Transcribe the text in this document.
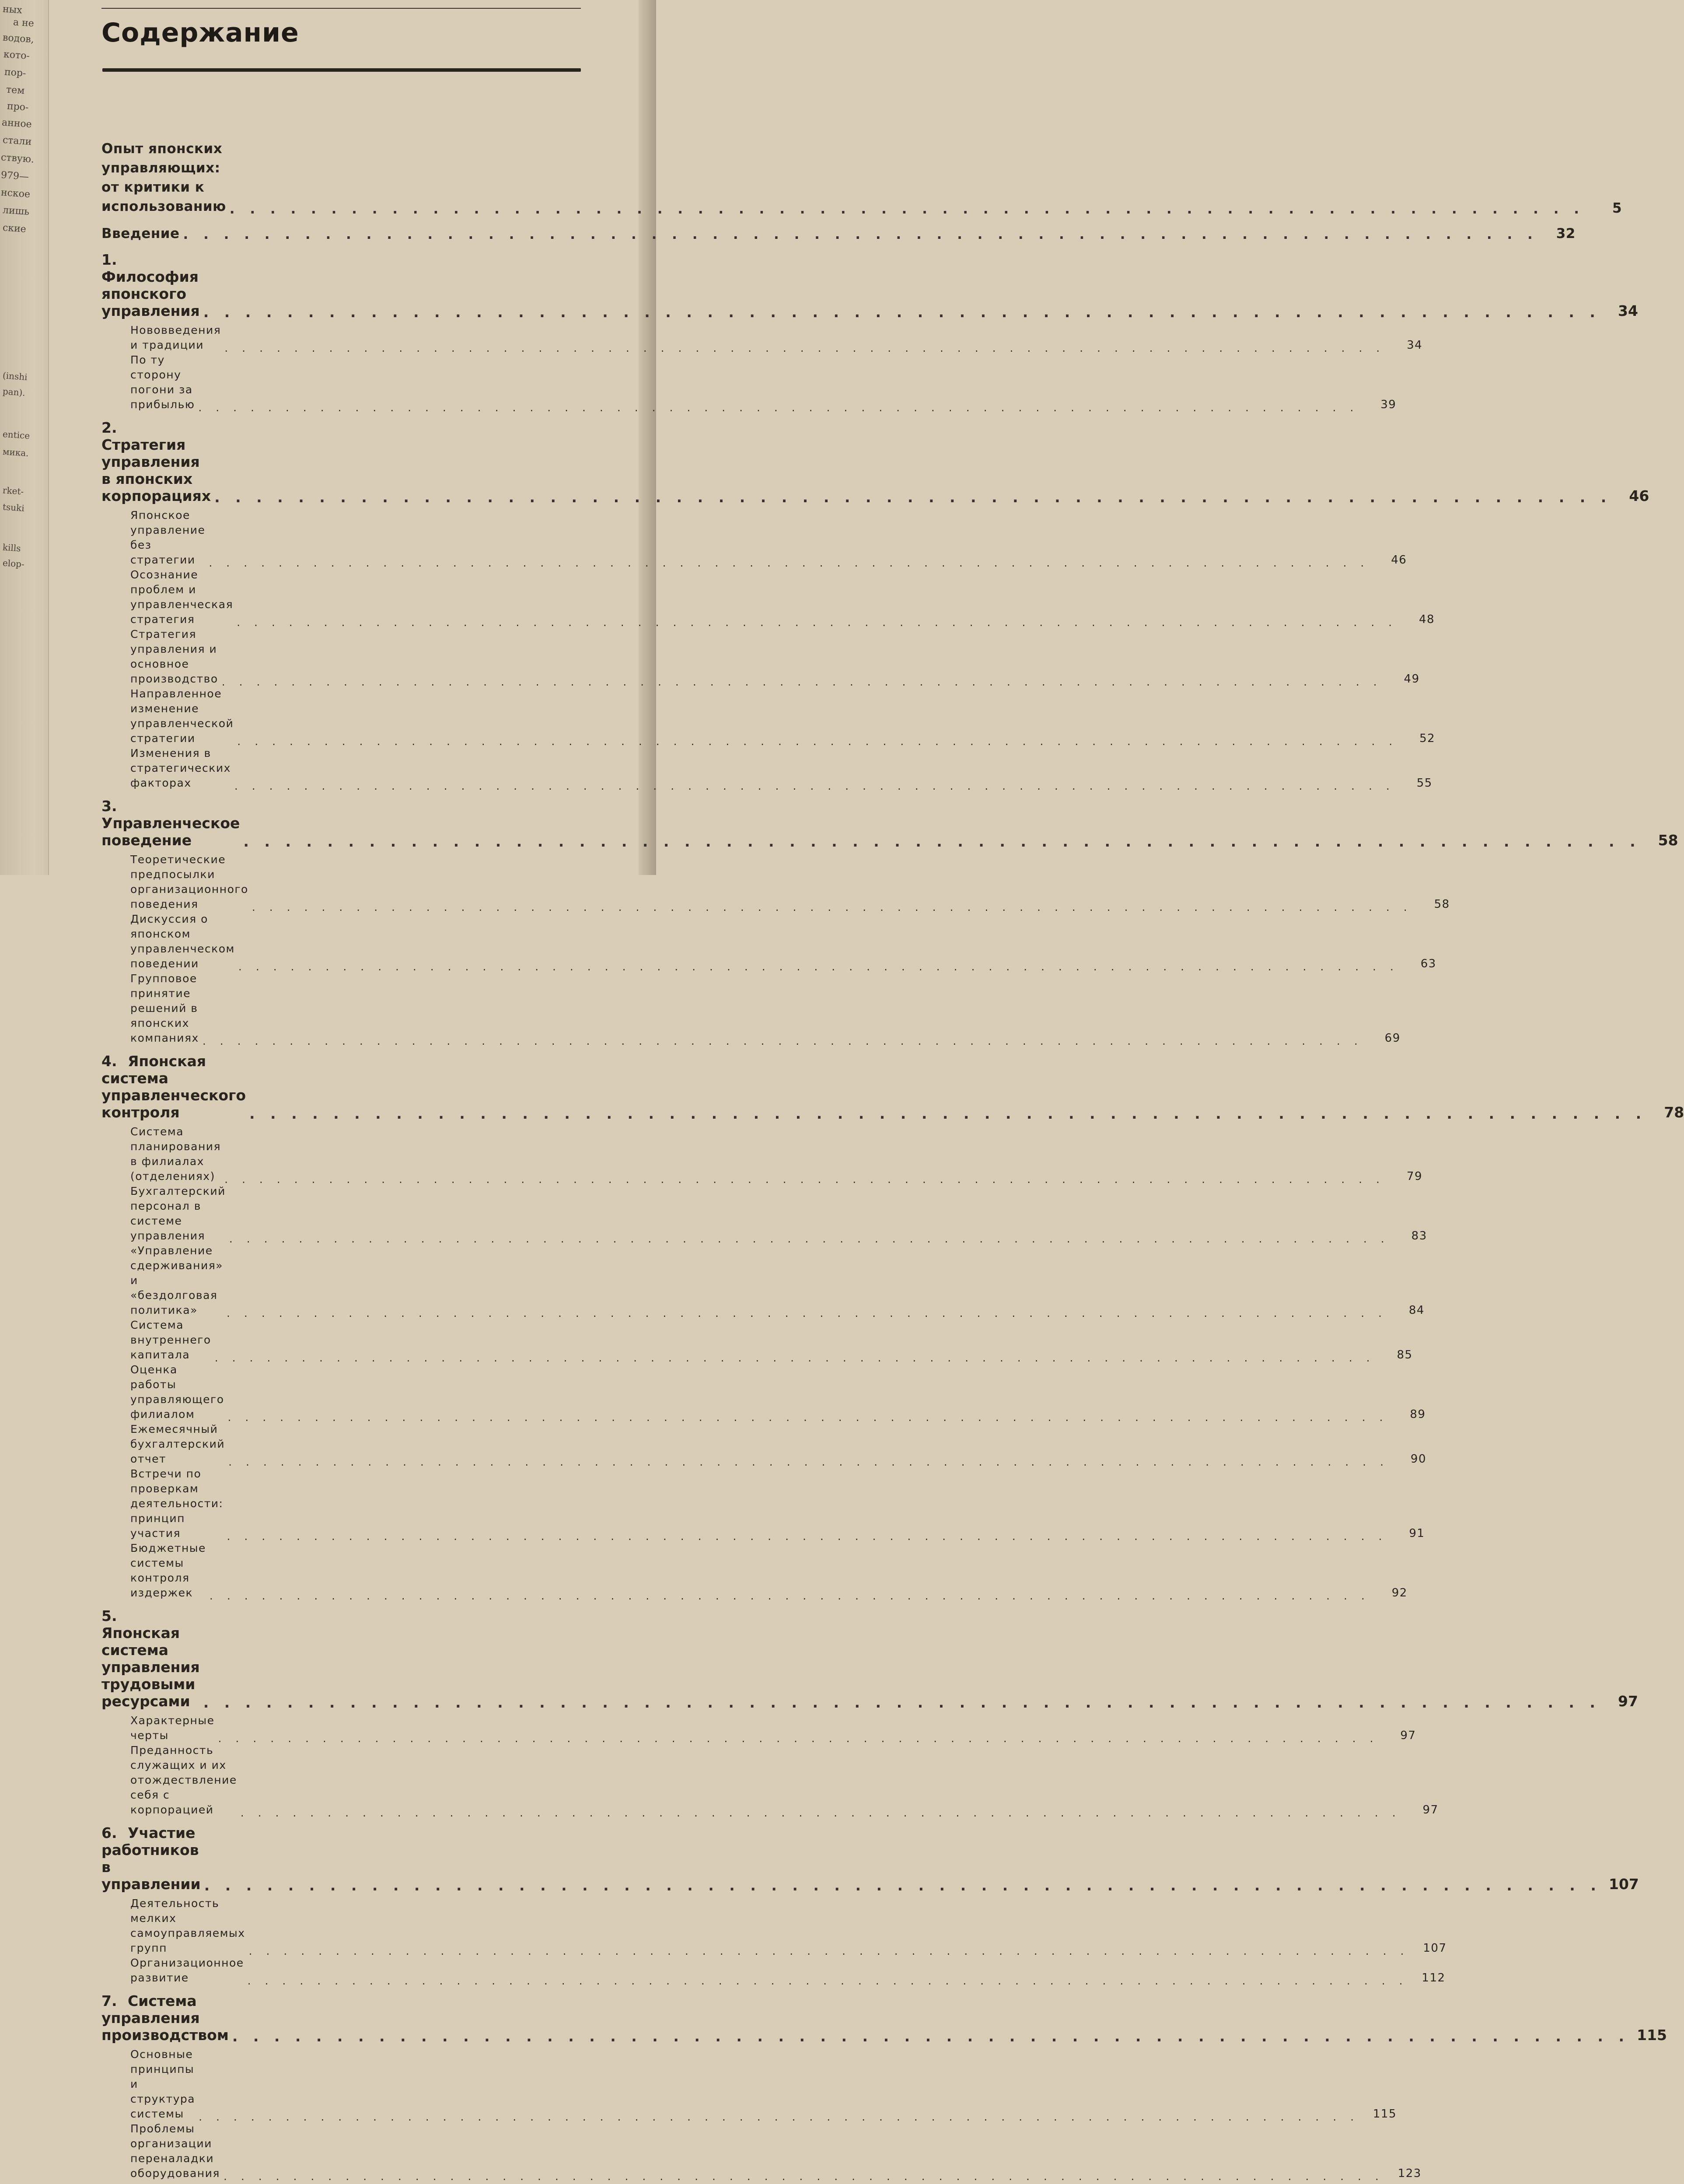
ных
а не
водов,
кото-
пор-
тем
про-
анное
стали
ствую.
979—
нское
лишь
ские
(inshi
pan).
entice
мика.
rket-
tsuki
kills
elop-
Содержание
Опыт японских управляющих: от критики к использованию . . .	5
Введение . . .	32
1.Философия японского управления . . .	34
Нововведения и традиции . . .	34
По ту сторону погони за прибылью . . .	39
2.Стратегия управления в японских корпорациях . . .	46
Японское управление без стратегии . . .	46
Осознание проблем и управленческая стратегия . . .	48
Стратегия управления и основное производство . . .	49
Направленное изменение управленческой стратегии . . .	52
Изменения в стратегических факторах . . .	55
3.Управленческое поведение . . .	58
Теоретические предпосылки организационного поведения . . .	58
Дискуссия о японском управленческом поведении . . .	63
Групповое принятие решений в японских компаниях . . .	69
4. Японская система управленческого контроля . . .	78
Система планирования в филиалах (отделениях) . . .	79
Бухгалтерский персонал в системе управления . . .	83
«Управление сдерживания» и «бездолговая политика» . . .	84
Система внутреннего капитала . . .	85
Оценка работы управляющего филиалом . . .	89
Ежемесячный бухгалтерский отчет . . .	90
Встречи по проверкам деятельности: принцип участия . . .	91
Бюджетные системы контроля издержек . . .	92
5.Японская система управления трудовыми ресурсами . . .	97
Характерные черты . . .	97
Преданность служащих и их отождествление себя с корпорацией . . .	97
6. Участие работников в управлении . . .	107
Деятельность мелких самоуправляемых групп . . .	107
Организационное развитие . . .	112
7. Система управления производством . . .	115
Основные принципы и структура системы . . .	115
Проблемы организации переналадки оборудования . . .	123
